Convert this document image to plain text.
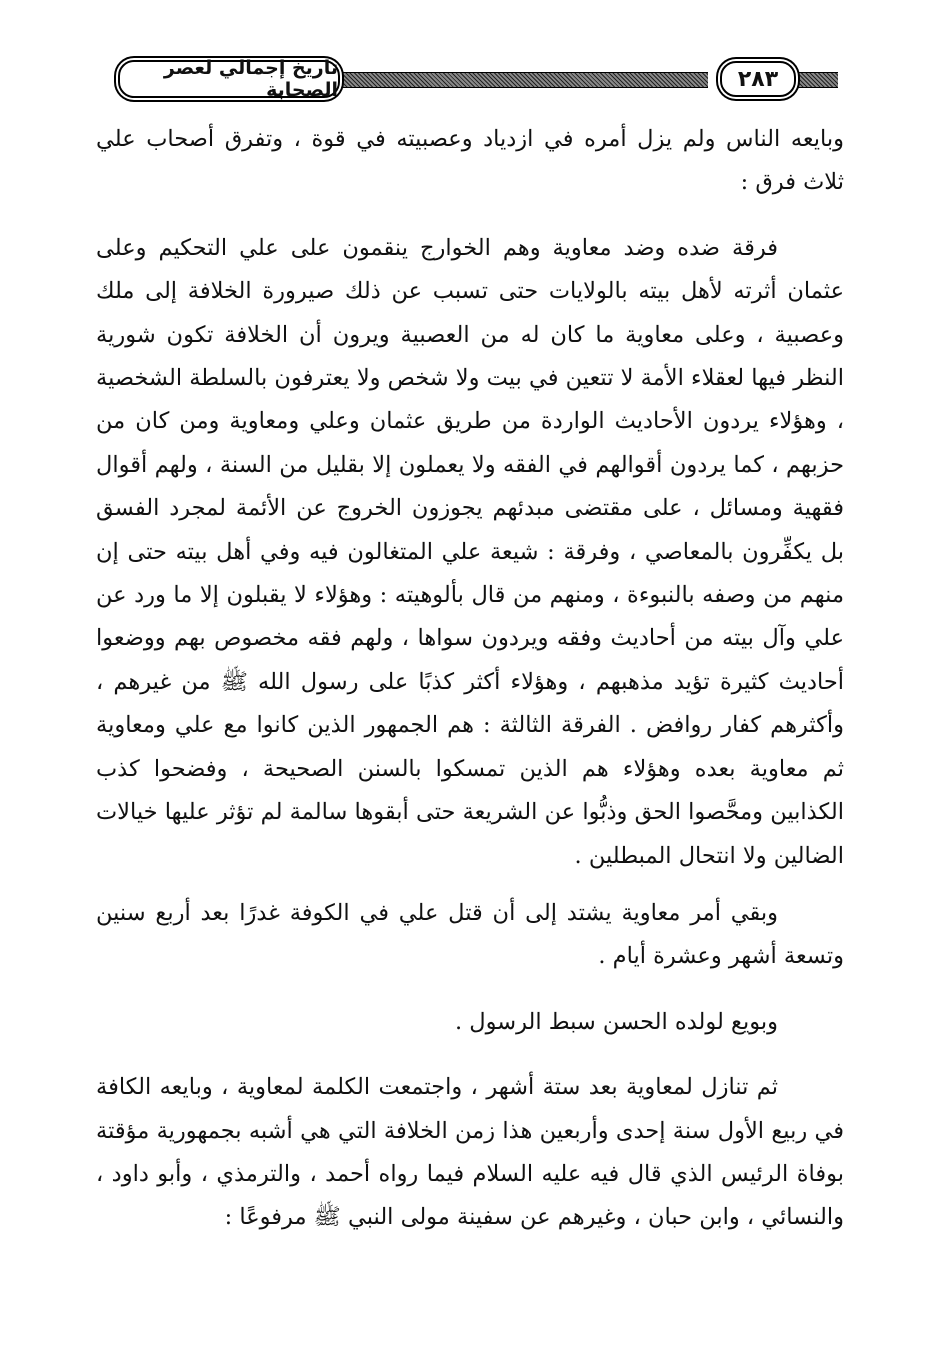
تاريخ إجمالي لعصر الصحابة	٢٨٣

وبايعه الناس ولم يزل أمره في ازدياد وعصبيته في قوة ، وتفرق أصحاب علي ثلاث فرق :

فرقة ضده وضد معاوية وهم الخوارج ينقمون على علي التحكيم وعلى عثمان أثرته لأهل بيته بالولايات حتى تسبب عن ذلك صيرورة الخلافة إلى ملك وعصبية ، وعلى معاوية ما كان له من العصبية ويرون أن الخلافة تكون شورية النظر فيها لعقلاء الأمة لا تتعين في بيت ولا شخص ولا يعترفون بالسلطة الشخصية ، وهؤلاء يردون الأحاديث الواردة من طريق عثمان وعلي ومعاوية ومن كان من حزبهم ، كما يردون أقوالهم في الفقه ولا يعملون إلا بقليل من السنة ، ولهم أقوال فقهية ومسائل ، على مقتضى مبدئهم يجوزون الخروج عن الأئمة لمجرد الفسق بل يكفِّرون بالمعاصي ، وفرقة : شيعة علي المتغالون فيه وفي أهل بيته حتى إن منهم من وصفه بالنبوءة ، ومنهم من قال بألوهيته : وهؤلاء لا يقبلون إلا ما ورد عن علي وآل بيته من أحاديث وفقه ويردون سواها ، ولهم فقه مخصوص بهم ووضعوا أحاديث كثيرة تؤيد مذهبهم ، وهؤلاء أكثر كذبًا على رسول الله ﷺ من غيرهم ، وأكثرهم كفار روافض . الفرقة الثالثة : هم الجمهور الذين كانوا مع علي ومعاوية ثم معاوية بعده وهؤلاء هم الذين تمسكوا بالسنن الصحيحة ، وفضحوا كذب الكذابين ومحَّصوا الحق وذبُّوا عن الشريعة حتى أبقوها سالمة لم تؤثر عليها خيالات الضالين ولا انتحال المبطلين .

وبقي أمر معاوية يشتد إلى أن قتل علي في الكوفة غدرًا بعد أربع سنين وتسعة أشهر وعشرة أيام .

وبويع لولده الحسن سبط الرسول .

ثم تنازل لمعاوية بعد ستة أشهر ، واجتمعت الكلمة لمعاوية ، وبايعه الكافة في ربيع الأول سنة إحدى وأربعين هذا زمن الخلافة التي هي أشبه بجمهورية مؤقتة بوفاة الرئيس الذي قال فيه عليه السلام فيما رواه أحمد ، والترمذي ، وأبو داود ، والنسائي ، وابن حبان ، وغيرهم عن سفينة مولى النبي ﷺ مرفوعًا :
